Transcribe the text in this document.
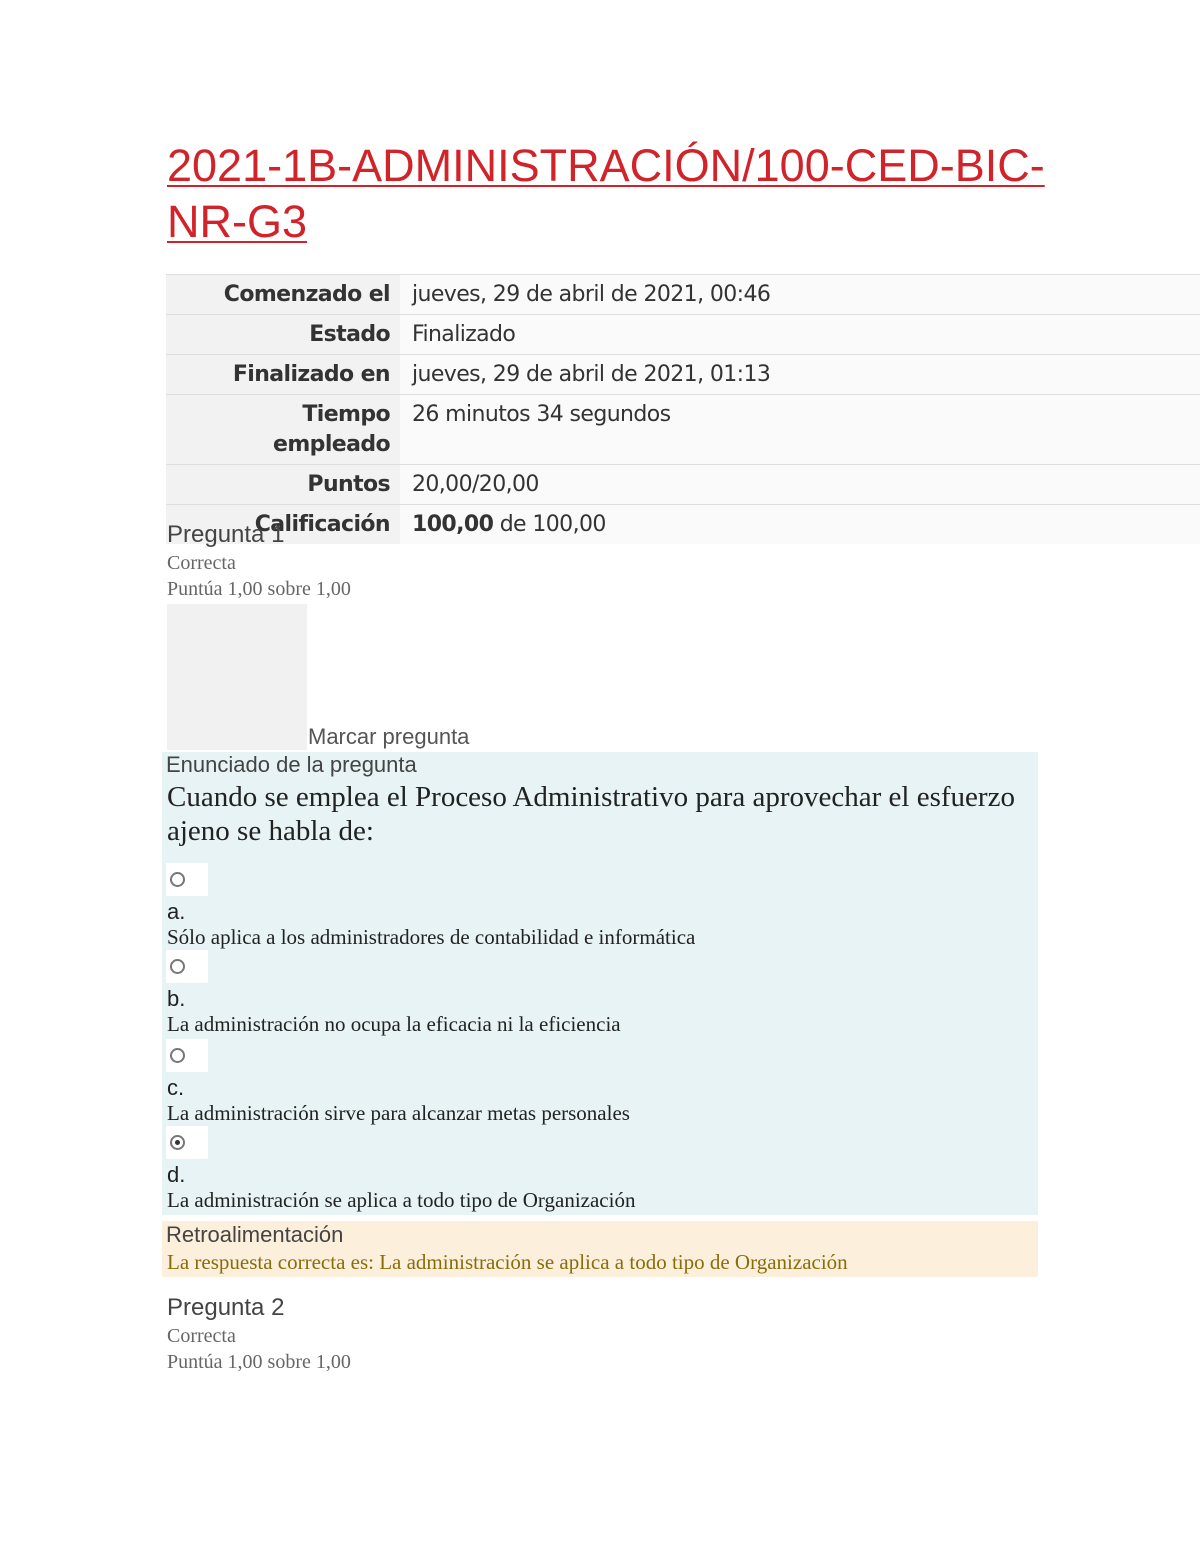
2021-1B-ADMINISTRACIÓN/100-CED-BIC-NR-G3
Comenzado el	jueves, 29 de abril de 2021, 00:46
Estado	Finalizado
Finalizado en	jueves, 29 de abril de 2021, 01:13
Tiempo empleado	26 minutos 34 segundos
Puntos	20,00/20,00
Calificación	100,00 de 100,00
Pregunta 1
Correcta
Puntúa 1,00 sobre 1,00
Marcar pregunta
Enunciado de la pregunta

Cuando se emplea el Proceso Administrativo para aprovechar el esfuerzo ajeno se habla de:

a.
Sólo aplica a los administradores de contabilidad e informática
b.
La administración no ocupa la eficacia ni la eficiencia
c.
La administración sirve para alcanzar metas personales
d.
La administración se aplica a todo tipo de Organización
Retroalimentación
La respuesta correcta es: La administración se aplica a todo tipo de Organización
Pregunta 2
Correcta
Puntúa 1,00 sobre 1,00
